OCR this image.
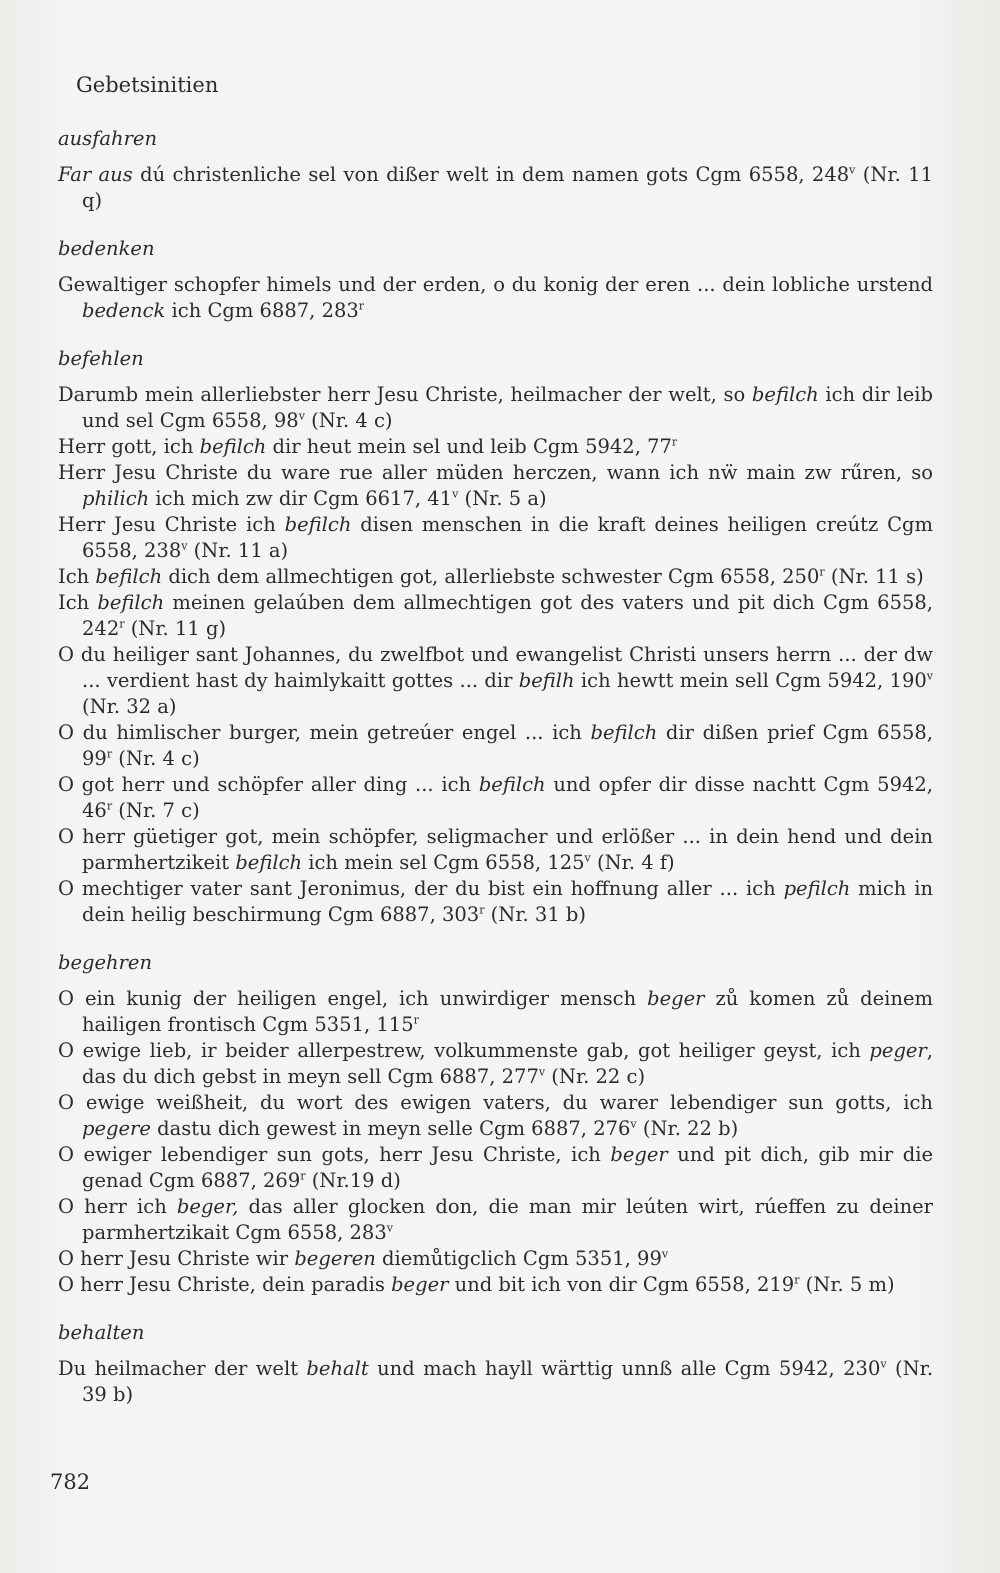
Gebetsinitien
ausfahren

Far aus dú christenliche sel von dißer welt in dem namen gots Cgm 6558, 248$^v$ (Nr. 11 q)

bedenken

Gewaltiger schopfer himels und der erden, o du konig der eren ... dein lobliche urstend bedenck ich Cgm 6887, 283$^r$

befehlen

Darumb mein allerliebster herr Jesu Christe, heilmacher der welt, so befilch ich dir leib und sel Cgm 6558, 98$^v$ (Nr. 4 c)

Herr gott, ich befilch dir heut mein sel und leib Cgm 5942, 77$^r$

Herr Jesu Christe du ware rue aller müden herczen, wann ich nẅ main zw rűren, so philich ich mich zw dir Cgm 6617, 41$^v$ (Nr. 5 a)

Herr Jesu Christe ich befilch disen menschen in die kraft deines heiligen creútz Cgm 6558, 238$^v$ (Nr. 11 a)

Ich befilch dich dem allmechtigen got, allerliebste schwester Cgm 6558, 250$^r$ (Nr. 11 s)

Ich befilch meinen gelaúben dem allmechtigen got des vaters und pit dich Cgm 6558, 242$^r$ (Nr. 11 g)

O du heiliger sant Johannes, du zwelfbot und ewangelist Christi unsers herrn ... der dw ... verdient hast dy haimlykaitt gottes ... dir befilh ich hewtt mein sell Cgm 5942, 190$^v$ (Nr. 32 a)

O du himlischer burger, mein getreúer engel ... ich befilch dir dißen prief Cgm 6558, 99$^r$ (Nr. 4 c)

O got herr und schöpfer aller ding ... ich befilch und opfer dir disse nachtt Cgm 5942, 46$^r$ (Nr. 7 c)

O herr güetiger got, mein schöpfer, seligmacher und erlößer ... in dein hend und dein parmhertzikeit befilch ich mein sel Cgm 6558, 125$^v$ (Nr. 4 f)

O mechtiger vater sant Jeronimus, der du bist ein hoffnung aller ... ich pefilch mich in dein heilig beschirmung Cgm 6887, 303$^r$ (Nr. 31 b)

begehren

O ein kunig der heiligen engel, ich unwirdiger mensch beger zů komen zů deinem hailigen frontisch Cgm 5351, 115$^r$

O ewige lieb, ir beider allerpestrew, volkummenste gab, got heiliger geyst, ich peger, das du dich gebst in meyn sell Cgm 6887, 277$^v$ (Nr. 22 c)

O ewige weißheit, du wort des ewigen vaters, du warer lebendiger sun gotts, ich pegere dastu dich gewest in meyn selle Cgm 6887, 276$^v$ (Nr. 22 b)

O ewiger lebendiger sun gots, herr Jesu Christe, ich beger und pit dich, gib mir die genad Cgm 6887, 269$^r$ (Nr.19 d)

O herr ich beger, das aller glocken don, die man mir leúten wirt, rúeffen zu deiner parmhertzikait Cgm 6558, 283$^v$

O herr Jesu Christe wir begeren diemůtigclich Cgm 5351, 99$^v$

O herr Jesu Christe, dein paradis beger und bit ich von dir Cgm 6558, 219$^r$ (Nr. 5 m)

behalten

Du heilmacher der welt behalt und mach hayll wärttig unnß alle Cgm 5942, 230$^v$ (Nr. 39 b)

782
